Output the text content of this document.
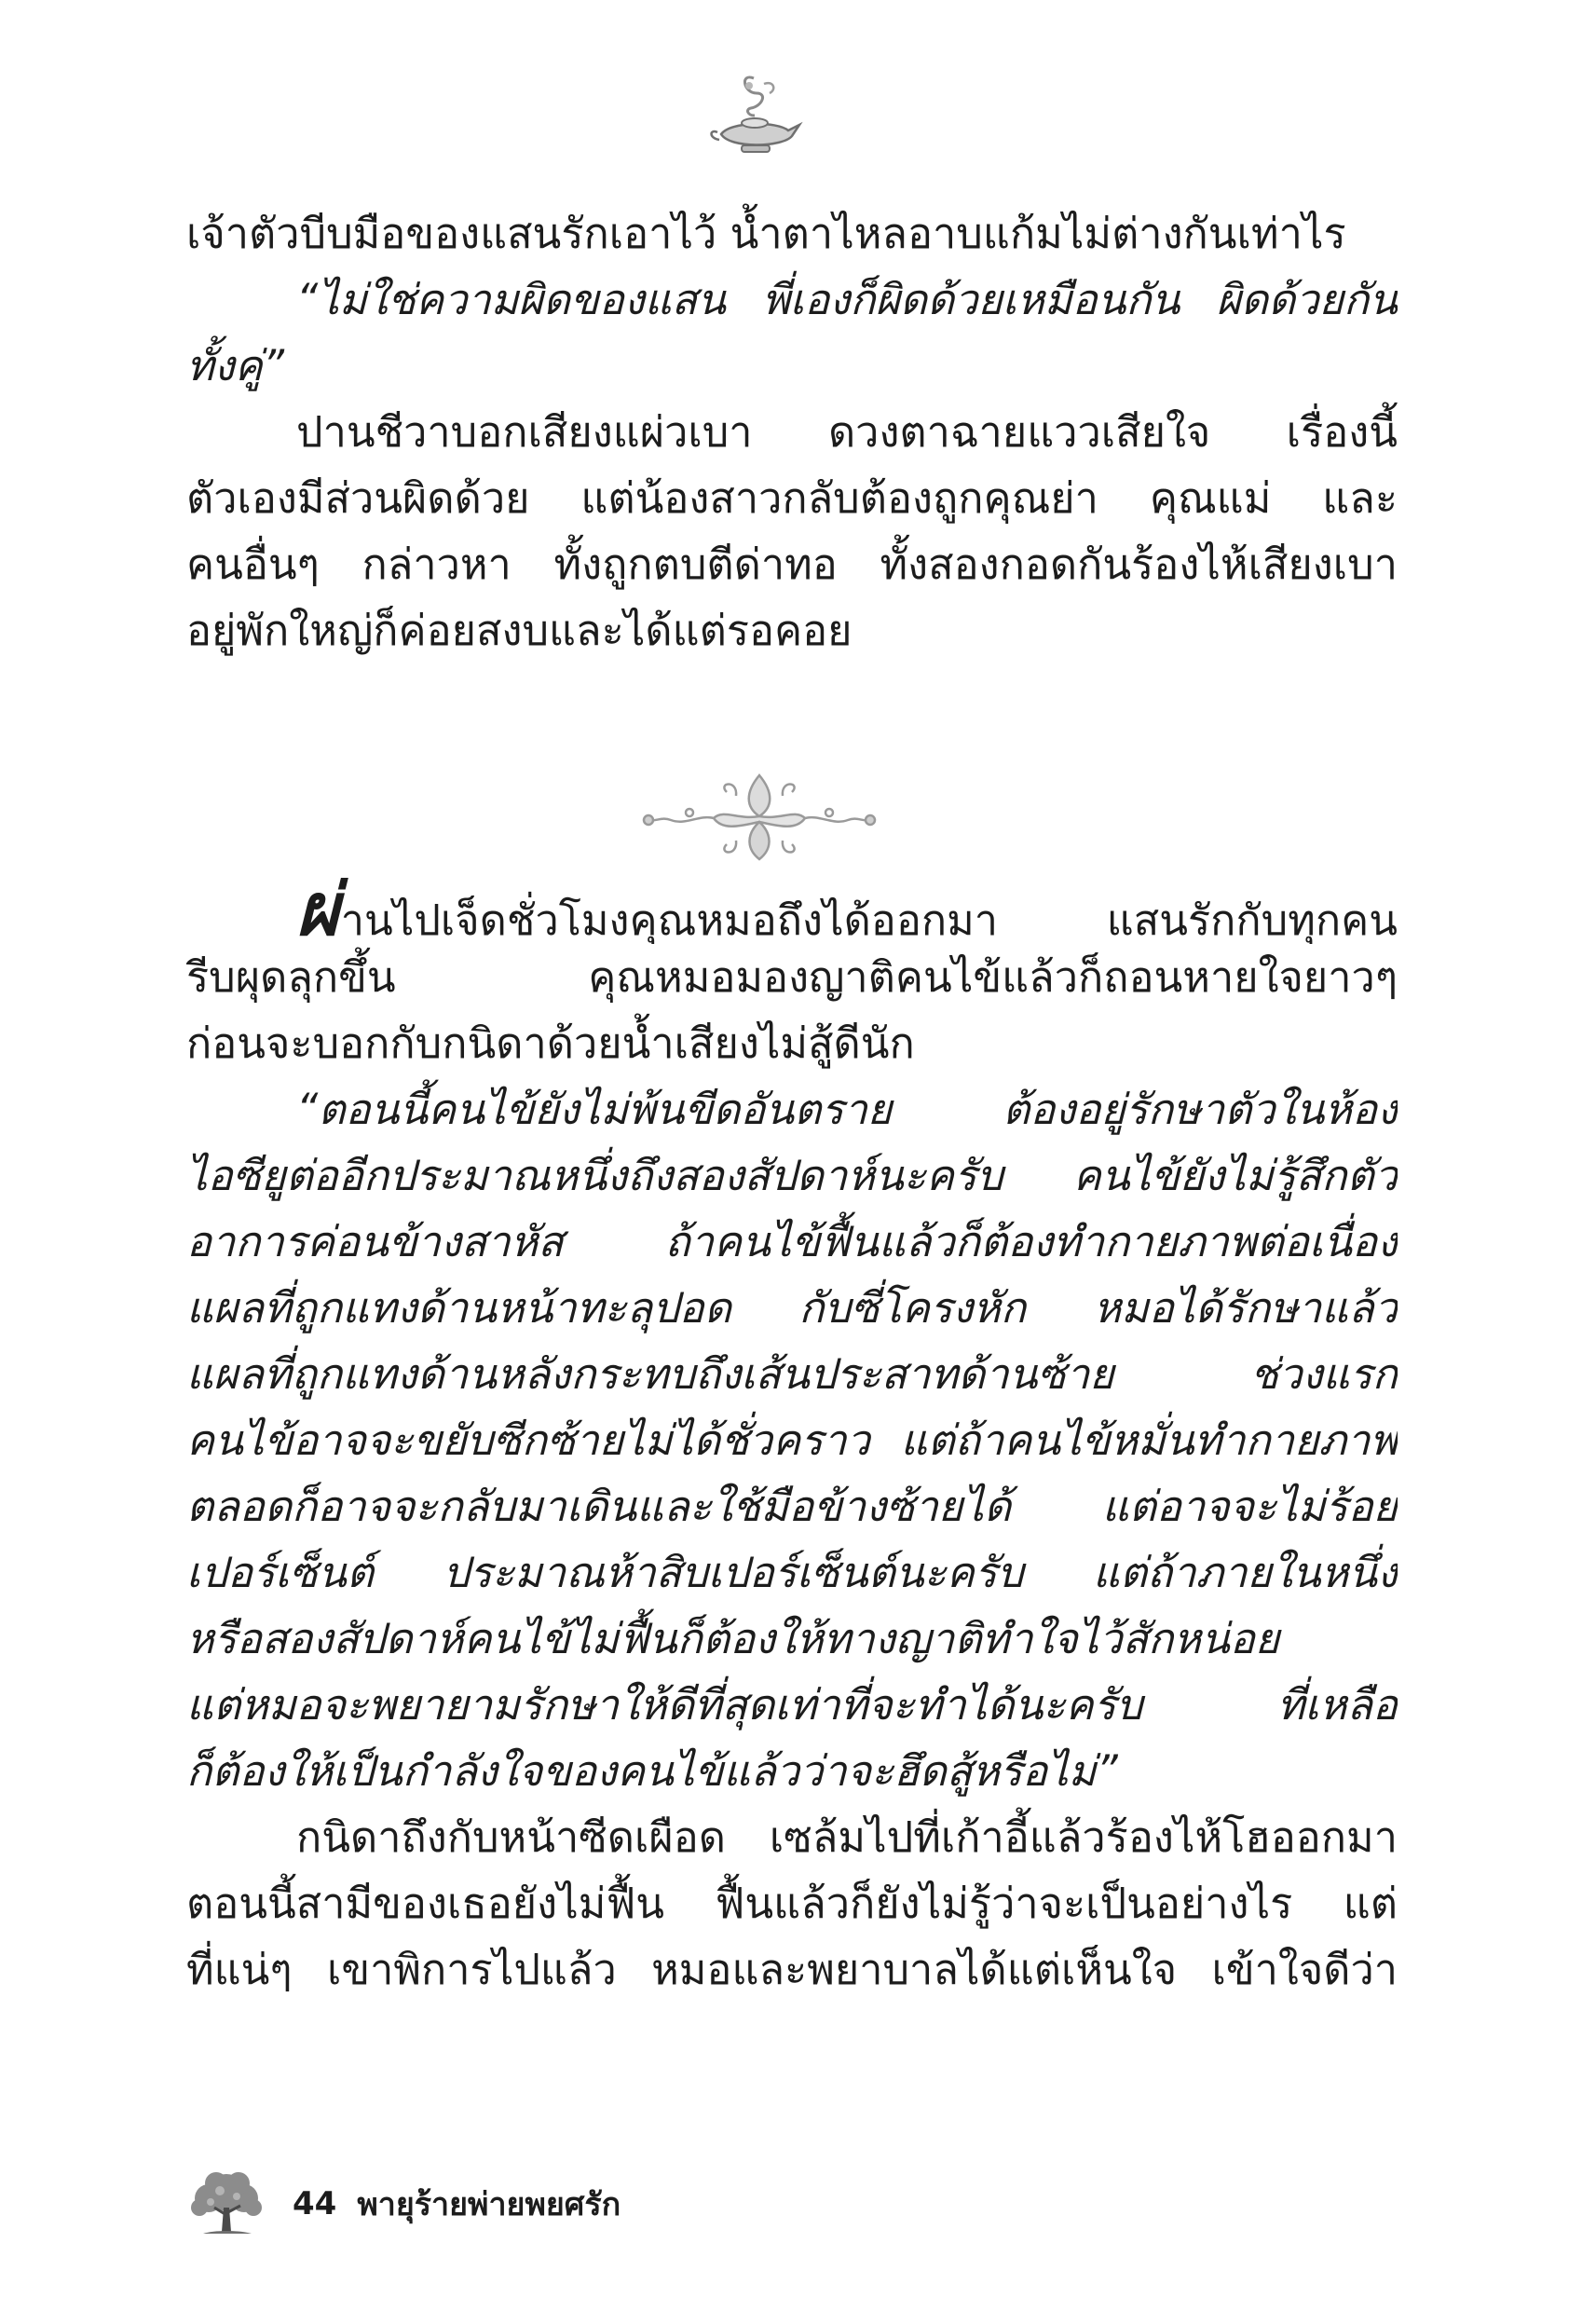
เจ้าตัวบีบมือของแสนรักเอาไว้ น้ำตาไหลอาบแก้มไม่ต่างกันเท่าไร
“ไม่ใช่ความผิดของแสน พี่เองก็ผิดด้วยเหมือนกัน ผิดด้วยกัน
ทั้งคู่”
ปานชีวาบอกเสียงแผ่วเบา ดวงตาฉายแววเสียใจ เรื่องนี้
ตัวเองมีส่วนผิดด้วย แต่น้องสาวกลับต้องถูกคุณย่า คุณแม่ และ
คนอื่นๆ กล่าวหา ทั้งถูกตบตีด่าทอ ทั้งสองกอดกันร้องไห้เสียงเบา
อยู่พักใหญ่ก็ค่อยสงบและได้แต่รอคอย
ผ่านไปเจ็ดชั่วโมงคุณหมอถึงได้ออกมา แสนรักกับทุกคน
รีบผุดลุกขึ้น คุณหมอมองญาติคนไข้แล้วก็ถอนหายใจยาวๆ
ก่อนจะบอกกับกนิดาด้วยน้ำเสียงไม่สู้ดีนัก
“ตอนนี้คนไข้ยังไม่พ้นขีดอันตราย ต้องอยู่รักษาตัวในห้อง
ไอซียูต่ออีกประมาณหนึ่งถึงสองสัปดาห์นะครับ คนไข้ยังไม่รู้สึกตัว
อาการค่อนข้างสาหัส ถ้าคนไข้ฟื้นแล้วก็ต้องทำกายภาพต่อเนื่อง
แผลที่ถูกแทงด้านหน้าทะลุปอด กับซี่โครงหัก หมอได้รักษาแล้ว
แผลที่ถูกแทงด้านหลังกระทบถึงเส้นประสาทด้านซ้าย ช่วงแรก
คนไข้อาจจะขยับซีกซ้ายไม่ได้ชั่วคราว แต่ถ้าคนไข้หมั่นทำกายภาพ
ตลอดก็อาจจะกลับมาเดินและใช้มือข้างซ้ายได้ แต่อาจจะไม่ร้อย
เปอร์เซ็นต์ ประมาณห้าสิบเปอร์เซ็นต์นะครับ แต่ถ้าภายในหนึ่ง
หรือสองสัปดาห์คนไข้ไม่ฟื้นก็ต้องให้ทางญาติทำใจไว้สักหน่อย
แต่หมอจะพยายามรักษาให้ดีที่สุดเท่าที่จะทำได้นะครับ ที่เหลือ
ก็ต้องให้เป็นกำลังใจของคนไข้แล้วว่าจะฮึดสู้หรือไม่”
กนิดาถึงกับหน้าซีดเผือด เซล้มไปที่เก้าอี้แล้วร้องไห้โฮออกมา
ตอนนี้สามีของเธอยังไม่ฟื้น ฟื้นแล้วก็ยังไม่รู้ว่าจะเป็นอย่างไร แต่
ที่แน่ๆ เขาพิการไปแล้ว หมอและพยาบาลได้แต่เห็นใจ เข้าใจดีว่า
44 พายุร้ายพ่ายพยศรัก
